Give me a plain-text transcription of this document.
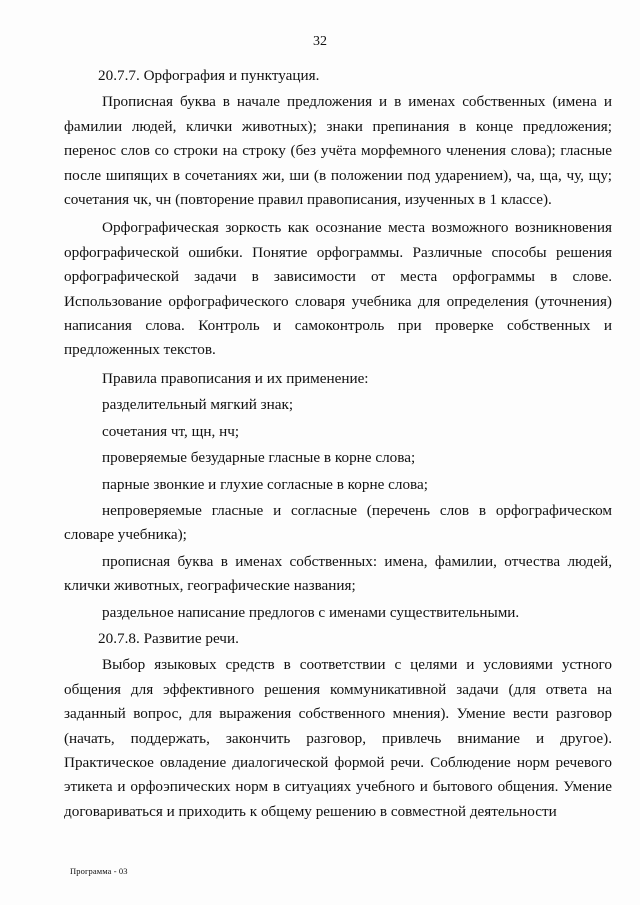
32

20.7.7. Орфография и пунктуация.

Прописная буква в начале предложения и в именах собственных (имена и фамилии людей, клички животных); знаки препинания в конце предложения; перенос слов со строки на строку (без учёта морфемного членения слова); гласные после шипящих в сочетаниях жи, ши (в положении под ударением), ча, ща, чу, щу; сочетания чк, чн (повторение правил правописания, изученных в 1 классе).

Орфографическая зоркость как осознание места возможного возникновения орфографической ошибки. Понятие орфограммы. Различные способы решения орфографической задачи в зависимости от места орфограммы в слове. Использование орфографического словаря учебника для определения (уточнения) написания слова. Контроль и самоконтроль при проверке собственных и предложенных текстов.

Правила правописания и их применение:

разделительный мягкий знак;

сочетания чт, щн, нч;

проверяемые безударные гласные в корне слова;

парные звонкие и глухие согласные в корне слова;

непроверяемые гласные и согласные (перечень слов в орфографическом словаре учебника);

прописная буква в именах собственных: имена, фамилии, отчества людей, клички животных, географические названия;

раздельное написание предлогов с именами существительными.

20.7.8. Развитие речи.

Выбор языковых средств в соответствии с целями и условиями устного общения для эффективного решения коммуникативной задачи (для ответа на заданный вопрос, для выражения собственного мнения). Умение вести разговор (начать, поддержать, закончить разговор, привлечь внимание и другое). Практическое овладение диалогической формой речи. Соблюдение норм речевого этикета и орфоэпических норм в ситуациях учебного и бытового общения. Умение договариваться и приходить к общему решению в совместной деятельности

Программа - 03
